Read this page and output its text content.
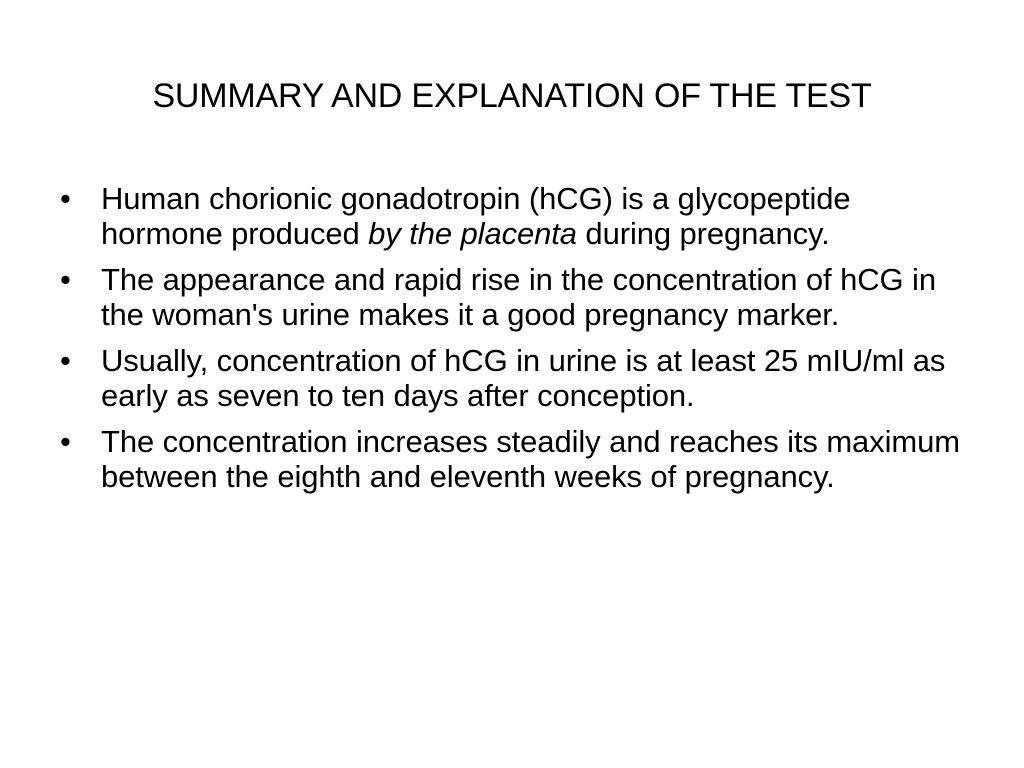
SUMMARY AND EXPLANATION OF THE TEST
• Human chorionic gonadotropin (hCG) is a glycopeptide hormone produced by the placenta during pregnancy.
• The appearance and rapid rise in the concentration of hCG in the woman's urine makes it a good pregnancy marker.
• Usually, concentration of hCG in urine is at least 25 mIU/ml as early as seven to ten days after conception.
• The concentration increases steadily and reaches its maximum between the eighth and eleventh weeks of pregnancy.
